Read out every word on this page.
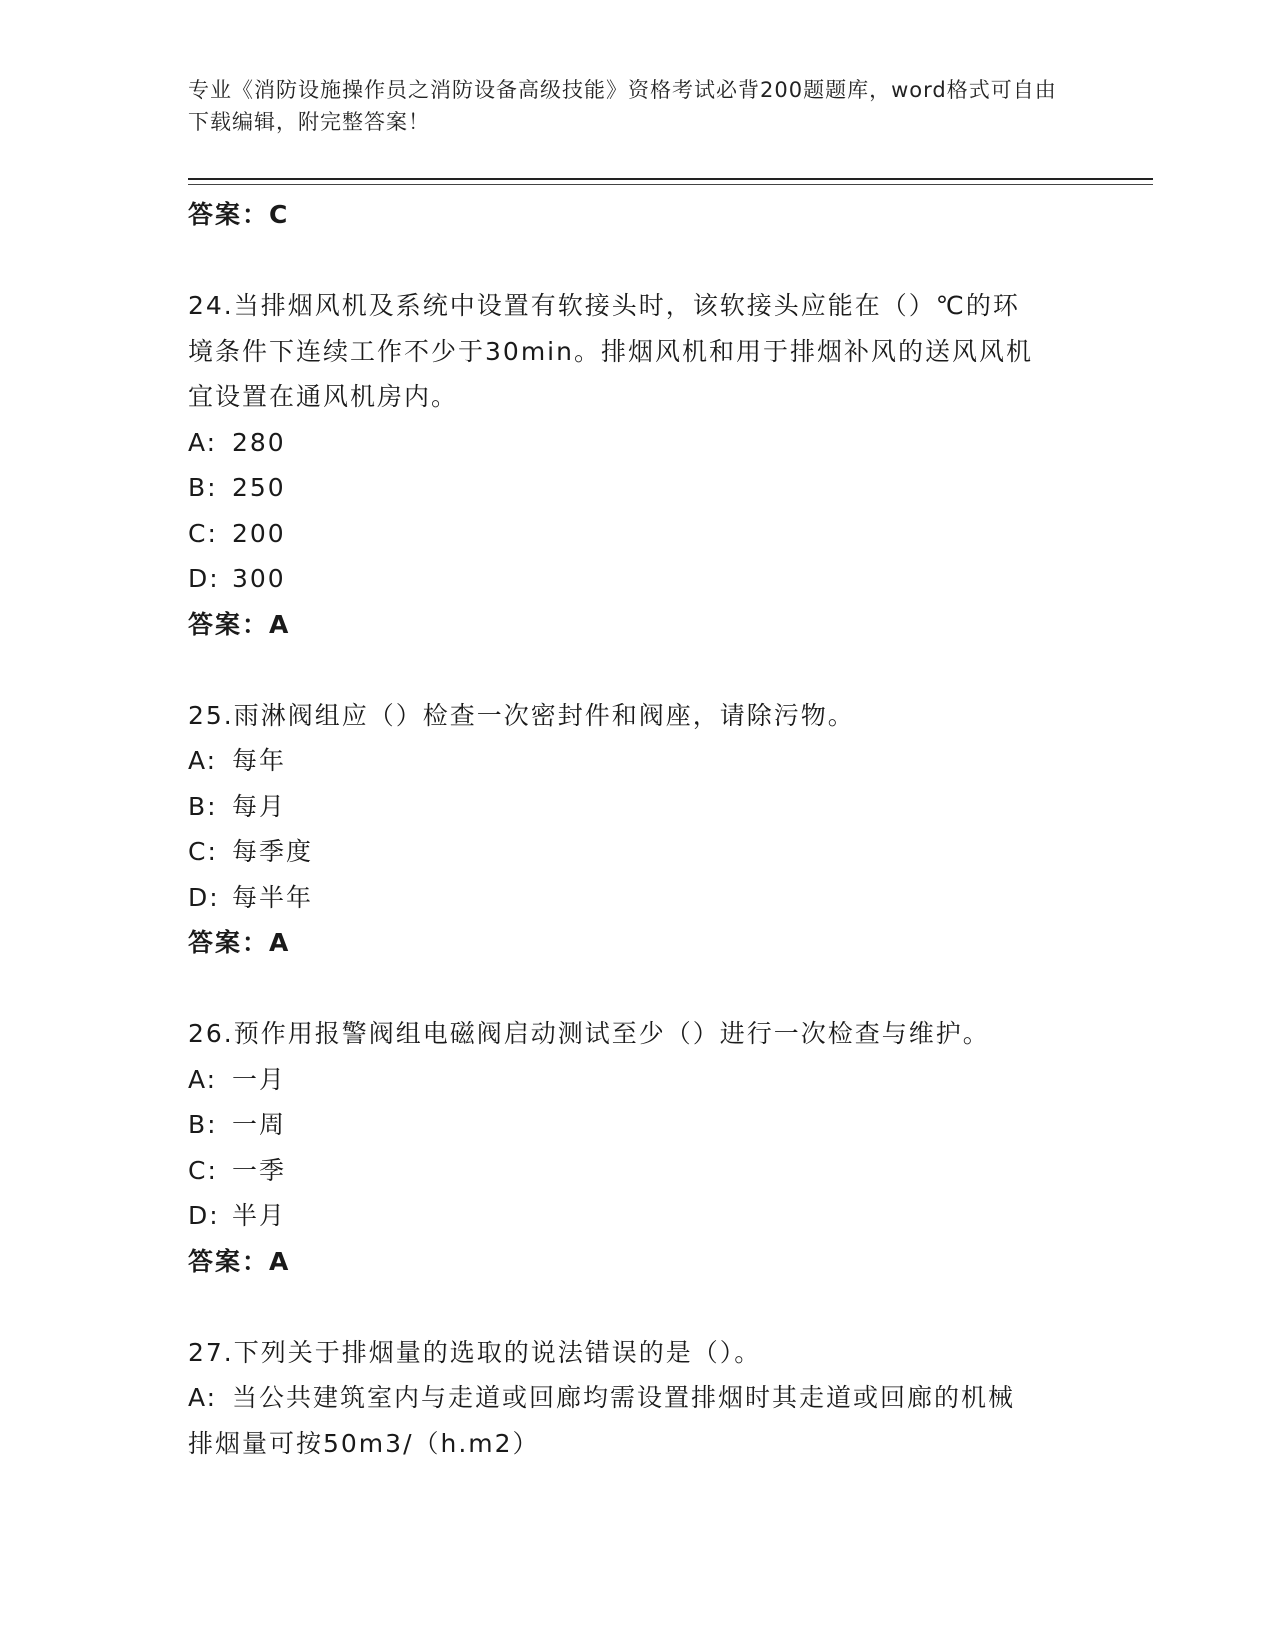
专业《消防设施操作员之消防设备高级技能》资格考试必背200题题库，word格式可自由下载编辑，附完整答案！
答案：C
24.当排烟风机及系统中设置有软接头时，该软接头应能在（）℃的环
境条件下连续工作不少于30min。排烟风机和用于排烟补风的送风风机
宜设置在通风机房内。
A: 280
B: 250
C: 200
D: 300
答案：A
25.雨淋阀组应（）检查一次密封件和阀座，请除污物。
A: 每年
B: 每月
C: 每季度
D: 每半年
答案：A
26.预作用报警阀组电磁阀启动测试至少（）进行一次检查与维护。
A: 一月
B: 一周
C: 一季
D: 半月
答案：A
27.下列关于排烟量的选取的说法错误的是（）。
A: 当公共建筑室内与走道或回廊均需设置排烟时其走道或回廊的机械
排烟量可按50m3/（h.m2）
